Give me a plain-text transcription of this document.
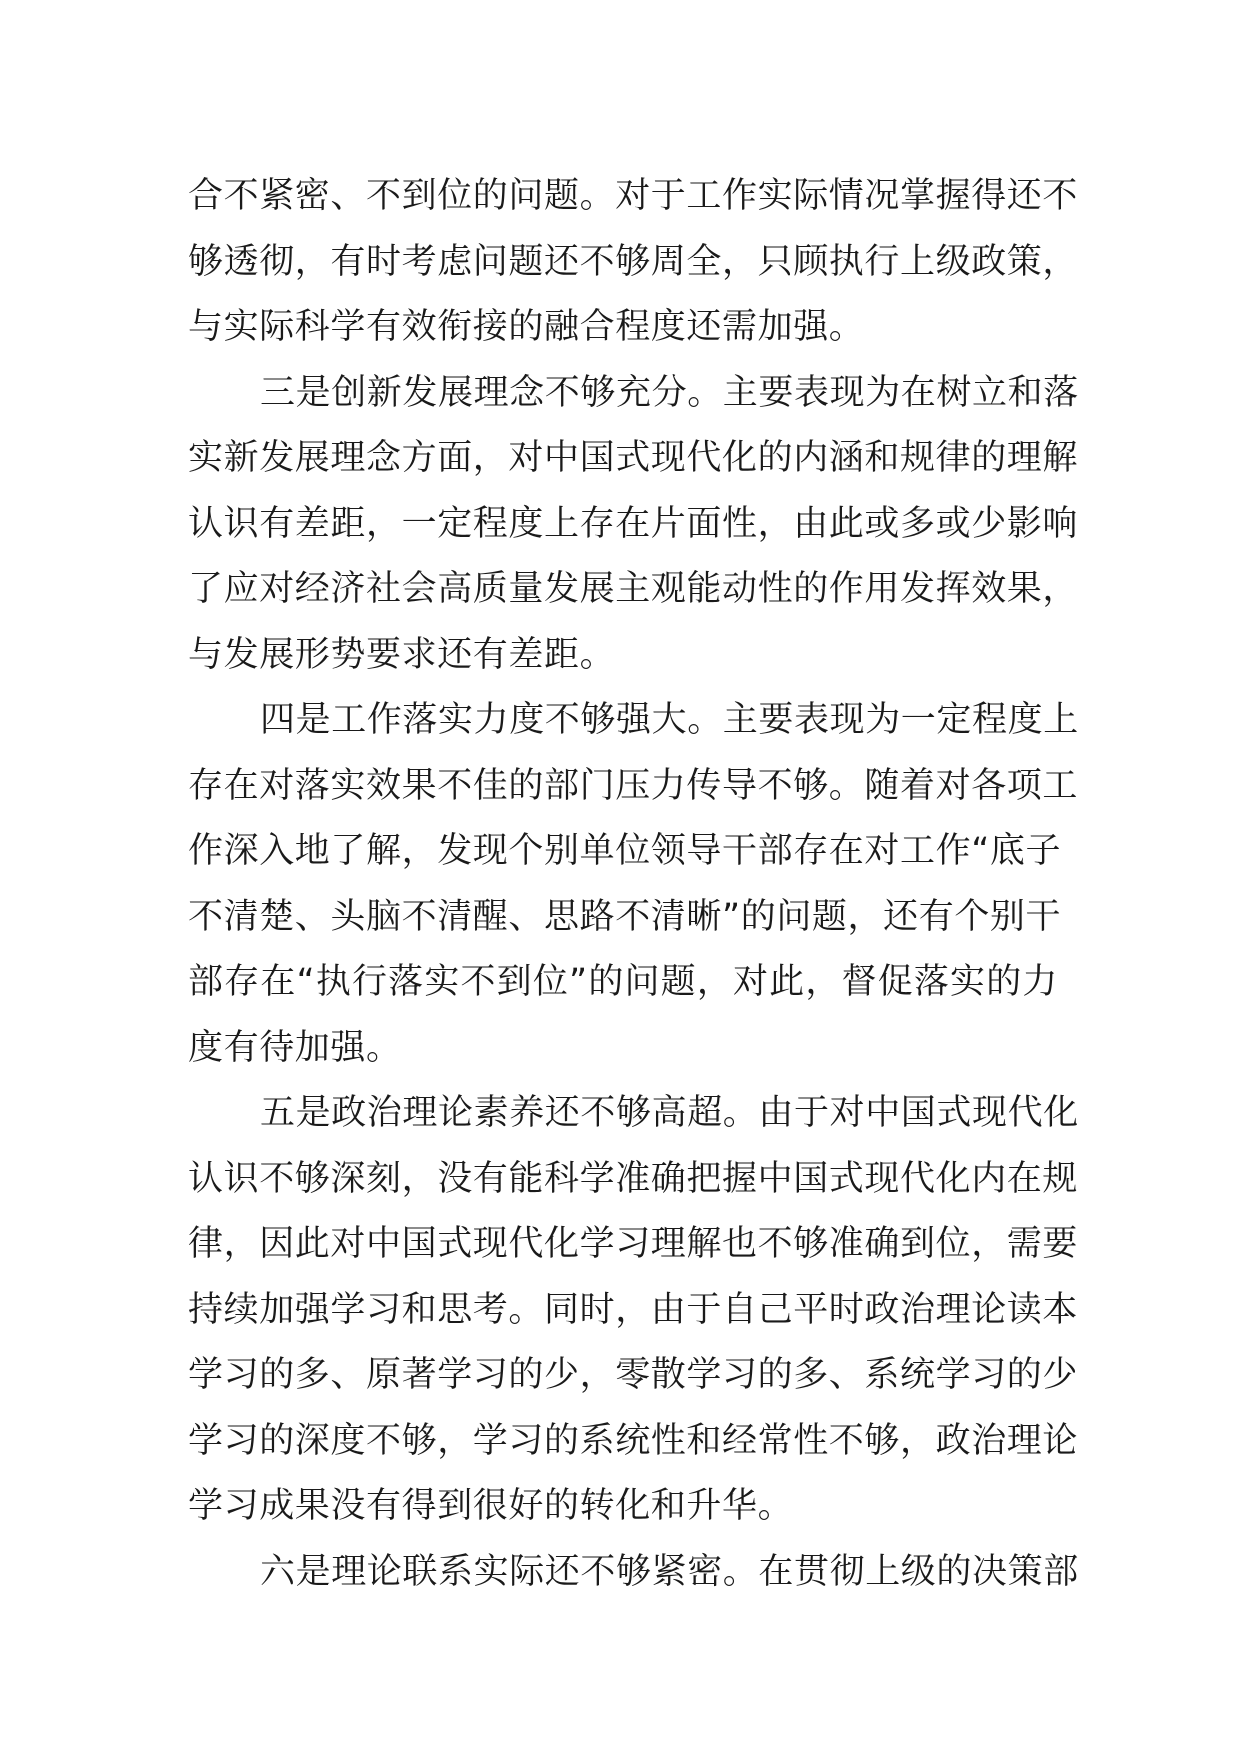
合不紧密、不到位的问题。对于工作实际情况掌握得还不
够透彻，有时考虑问题还不够周全，只顾执行上级政策，
与实际科学有效衔接的融合程度还需加强。
三是创新发展理念不够充分。主要表现为在树立和落
实新发展理念方面，对中国式现代化的内涵和规律的理解
认识有差距，一定程度上存在片面性，由此或多或少影响
了应对经济社会高质量发展主观能动性的作用发挥效果，
与发展形势要求还有差距。
四是工作落实力度不够强大。主要表现为一定程度上
存在对落实效果不佳的部门压力传导不够。随着对各项工
作深入地了解，发现个别单位领导干部存在对工作“底子
不清楚、头脑不清醒、思路不清晰”的问题，还有个别干
部存在“执行落实不到位”的问题，对此，督促落实的力
度有待加强。
五是政治理论素养还不够高超。由于对中国式现代化
认识不够深刻，没有能科学准确把握中国式现代化内在规
律，因此对中国式现代化学习理解也不够准确到位，需要
持续加强学习和思考。同时，由于自己平时政治理论读本
学习的多、原著学习的少，零散学习的多、系统学习的少
学习的深度不够，学习的系统性和经常性不够，政治理论
学习成果没有得到很好的转化和升华。
六是理论联系实际还不够紧密。在贯彻上级的决策部
